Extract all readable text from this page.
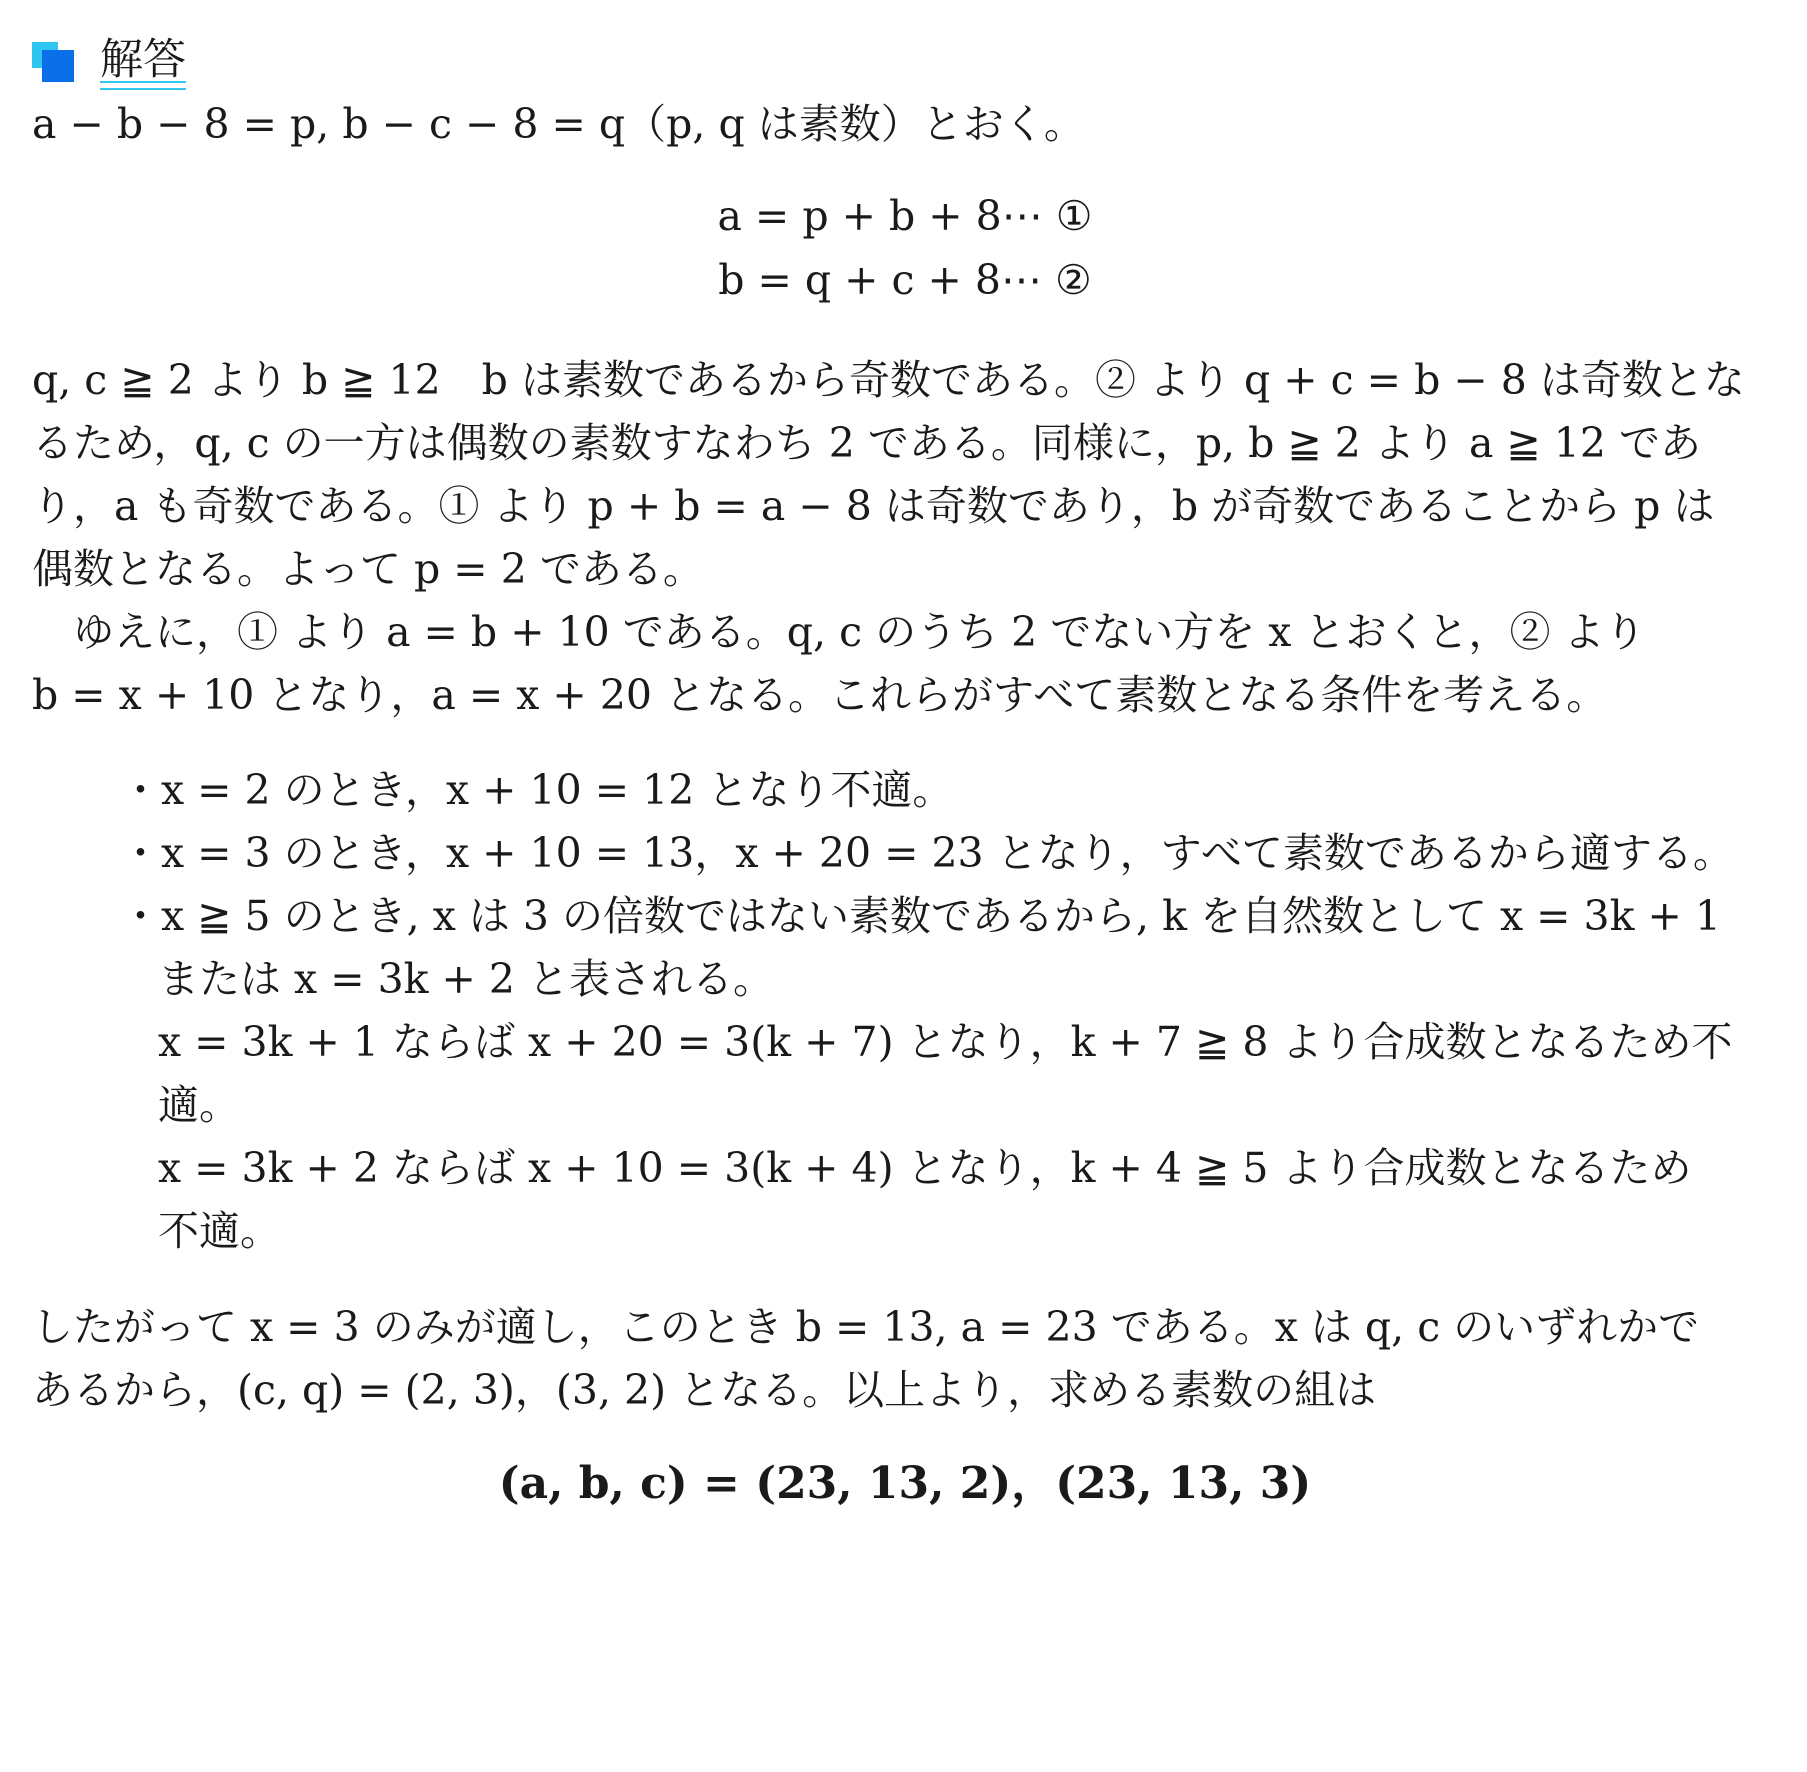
解答
a − b − 8 = p, b − c − 8 = q（p, q は素数）とおく。
a = p + b + 8⋯ ①
b = q + c + 8⋯ ②
q, c ≧ 2 より b ≧ 12　b は素数であるから奇数である。② より q + c = b − 8 は奇数とな
るため，q, c の一方は偶数の素数すなわち 2 である。同様に，p, b ≧ 2 より a ≧ 12 であ
り，a も奇数である。① より p + b = a − 8 は奇数であり，b が奇数であることから p は
偶数となる。よって p = 2 である。
　ゆえに，① より a = b + 10 である。q, c のうち 2 でない方を x とおくと，② より
b = x + 10 となり，a = x + 20 となる。これらがすべて素数となる条件を考える。
・x = 2 のとき，x + 10 = 12 となり不適。
・x = 3 のとき，x + 10 = 13，x + 20 = 23 となり，すべて素数であるから適する。
・x ≧ 5 のとき, x は 3 の倍数ではない素数であるから, k を自然数として x = 3k + 1
または x = 3k + 2 と表される。
x = 3k + 1 ならば x + 20 = 3(k + 7) となり，k + 7 ≧ 8 より合成数となるため不
適。
x = 3k + 2 ならば x + 10 = 3(k + 4) となり，k + 4 ≧ 5 より合成数となるため
不適。
したがって x = 3 のみが適し，このとき b = 13, a = 23 である。x は q, c のいずれかで
あるから，(c, q) = (2, 3)，(3, 2) となる。以上より，求める素数の組は
(a, b, c) = (23, 13, 2)，(23, 13, 3)
